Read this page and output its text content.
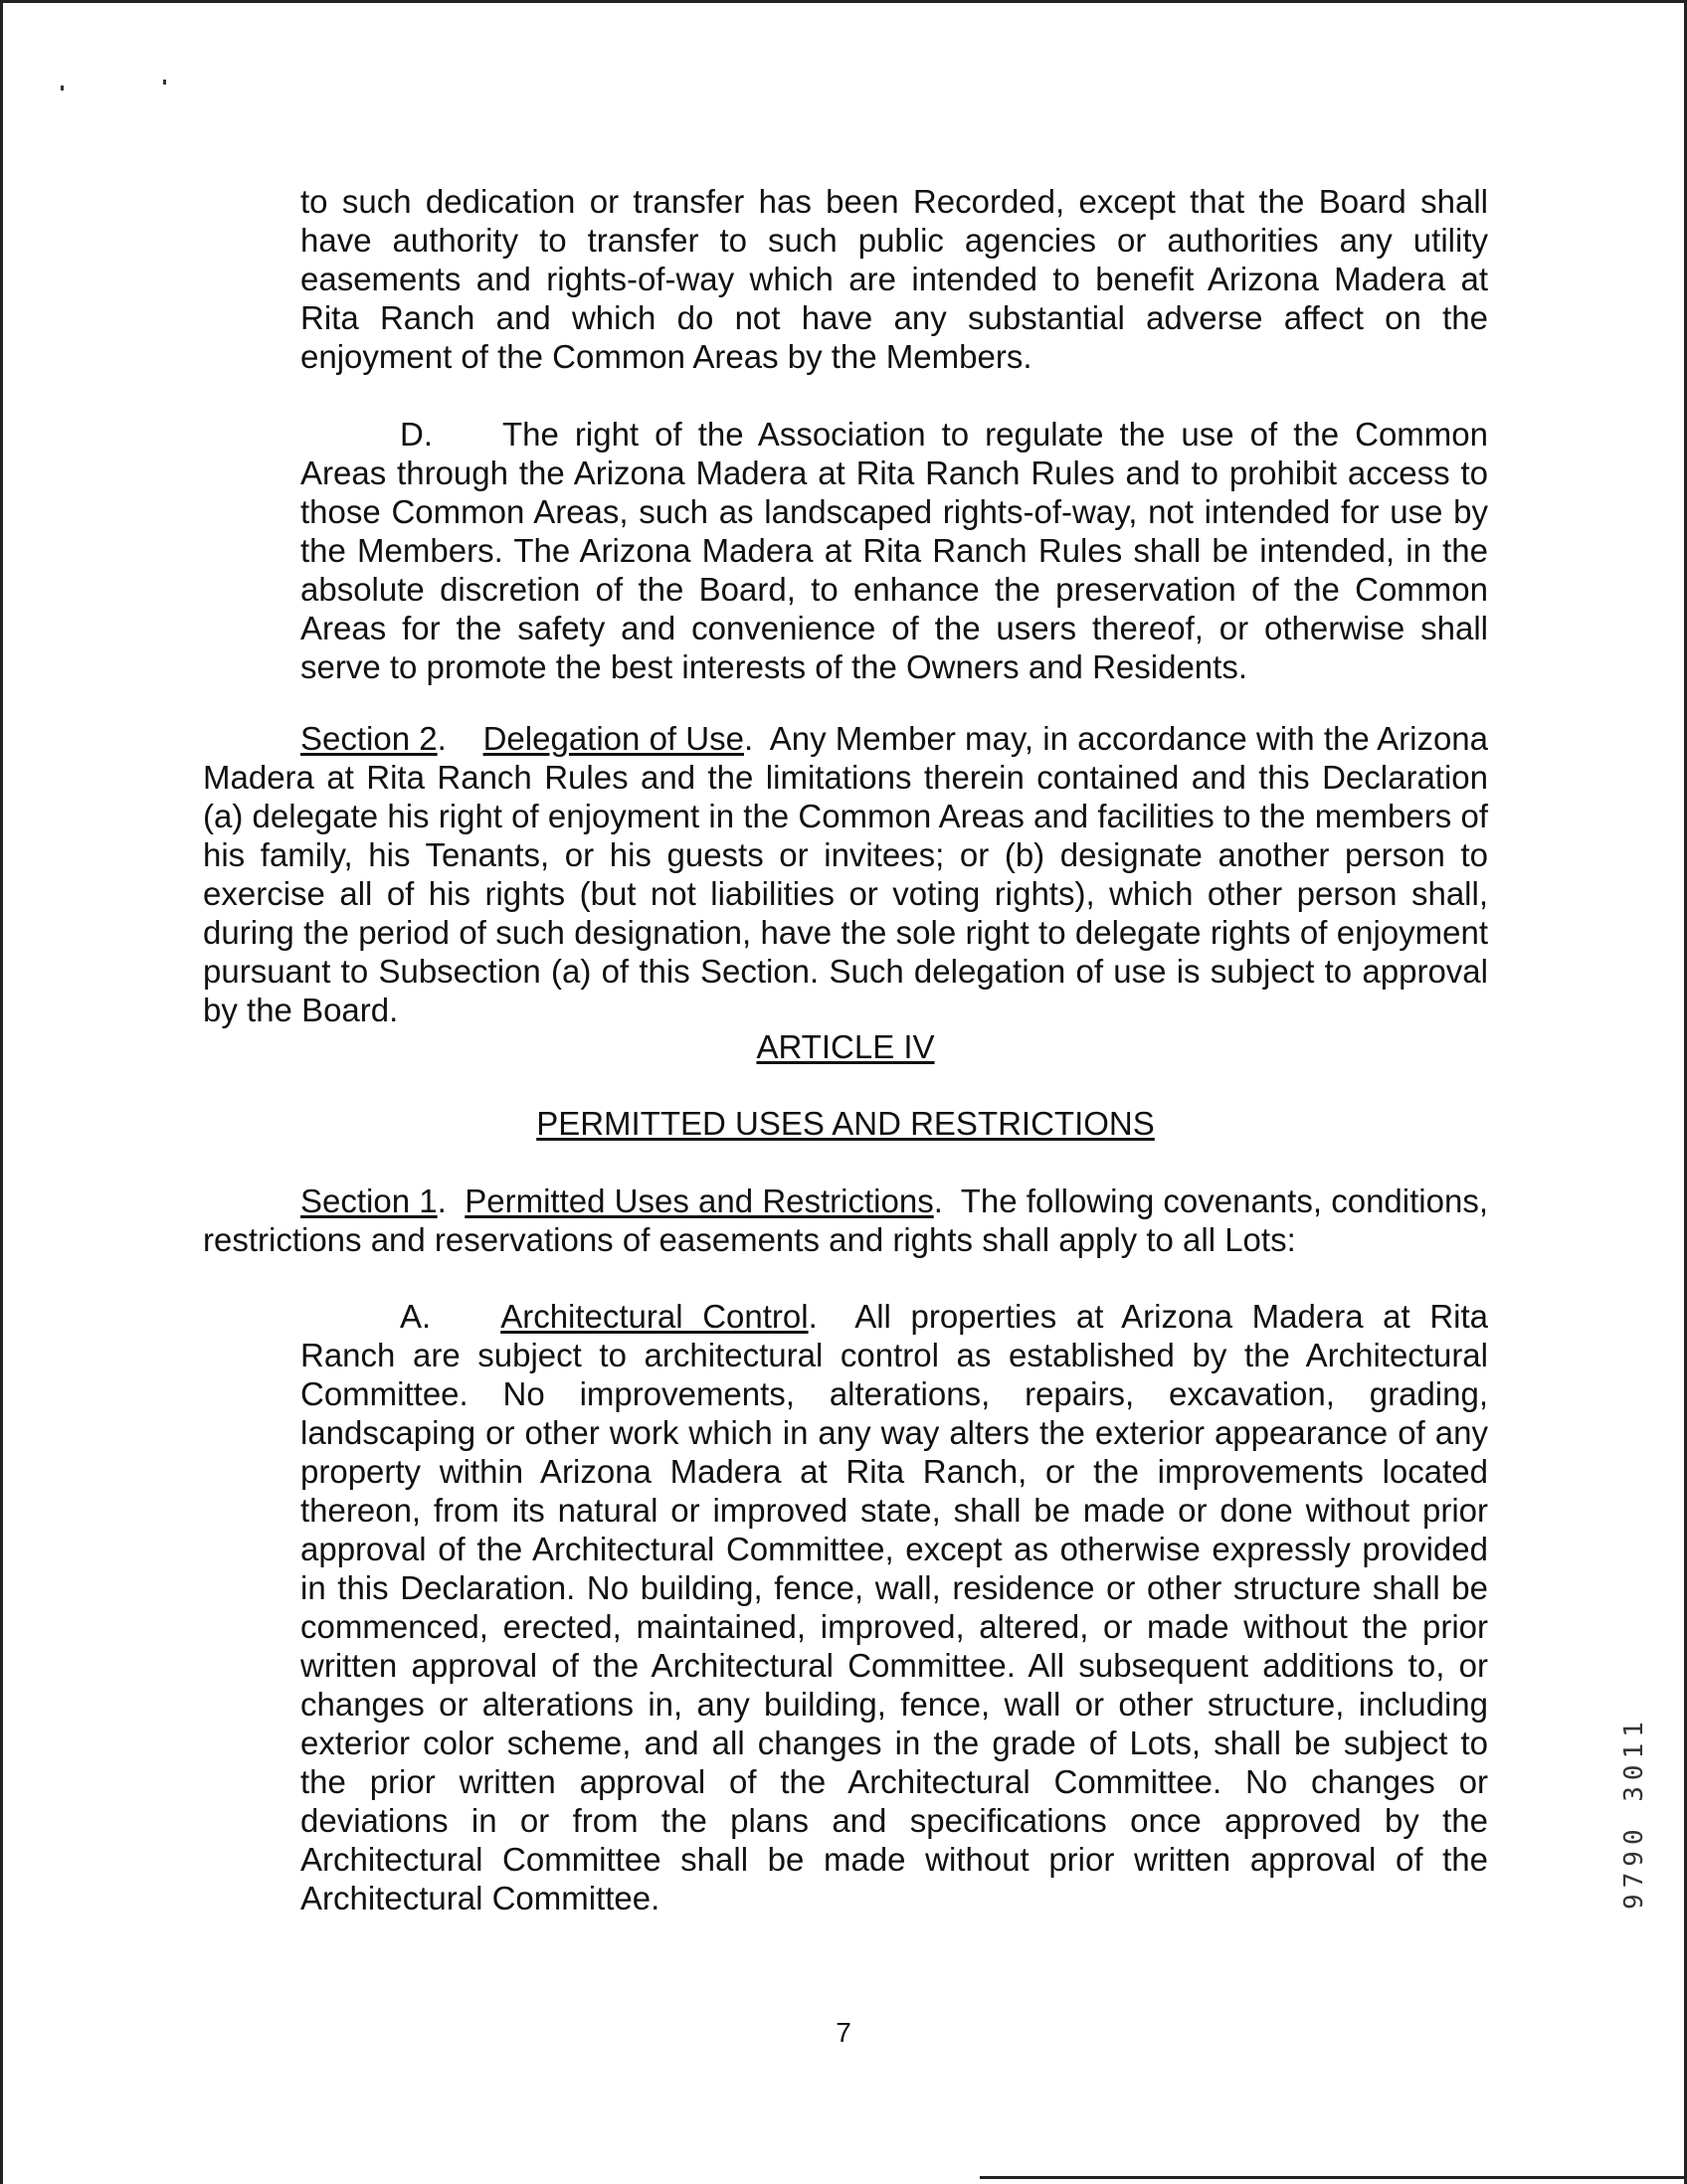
to such dedication or transfer has been Recorded, except that the Board shall have authority to transfer to such public agencies or authorities any utility easements and rights-of-way which are intended to benefit Arizona Madera at Rita Ranch and which do not have any substantial adverse affect on the enjoyment of the Common Areas by the Members.

D. The right of the Association to regulate the use of the Common Areas through the Arizona Madera at Rita Ranch Rules and to prohibit access to those Common Areas, such as landscaped rights-of-way, not intended for use by the Members. The Arizona Madera at Rita Ranch Rules shall be intended, in the absolute discretion of the Board, to enhance the preservation of the Common Areas for the safety and convenience of the users thereof, or otherwise shall serve to promote the best interests of the Owners and Residents.

Section 2.    Delegation of Use.  Any Member may, in accordance with the Arizona Madera at Rita Ranch Rules and the limitations therein contained and this Declaration (a) delegate his right of enjoyment in the Common Areas and facilities to the members of his family, his Tenants, or his guests or invitees; or (b) designate another person to exercise all of his rights (but not liabilities or voting rights), which other person shall, during the period of such designation, have the sole right to delegate rights of enjoyment pursuant to Subsection (a) of this Section. Such delegation of use is subject to approval by the Board.

ARTICLE IV

PERMITTED USES AND RESTRICTIONS

Section 1.  Permitted Uses and Restrictions.  The following covenants, conditions, restrictions and reservations of easements and rights shall apply to all Lots:

A. Architectural Control.  All properties at Arizona Madera at Rita Ranch are subject to architectural control as established by the Architectural Committee. No improvements, alterations, repairs, excavation, grading, landscaping or other work which in any way alters the exterior appearance of any property within Arizona Madera at Rita Ranch, or the improvements located thereon, from its natural or improved state, shall be made or done without prior approval of the Architectural Committee, except as otherwise expressly provided in this Declaration. No building, fence, wall, residence or other structure shall be commenced, erected, maintained, improved, altered, or made without the prior written approval of the Architectural Committee. All subsequent additions to, or changes or alterations in, any building, fence, wall or other structure, including exterior color scheme, and all changes in the grade of Lots, shall be subject to the prior written approval of the Architectural Committee. No changes or deviations in or from the plans and specifications once approved by the Architectural Committee shall be made without prior written approval of the Architectural Committee.

7
9790 3011
